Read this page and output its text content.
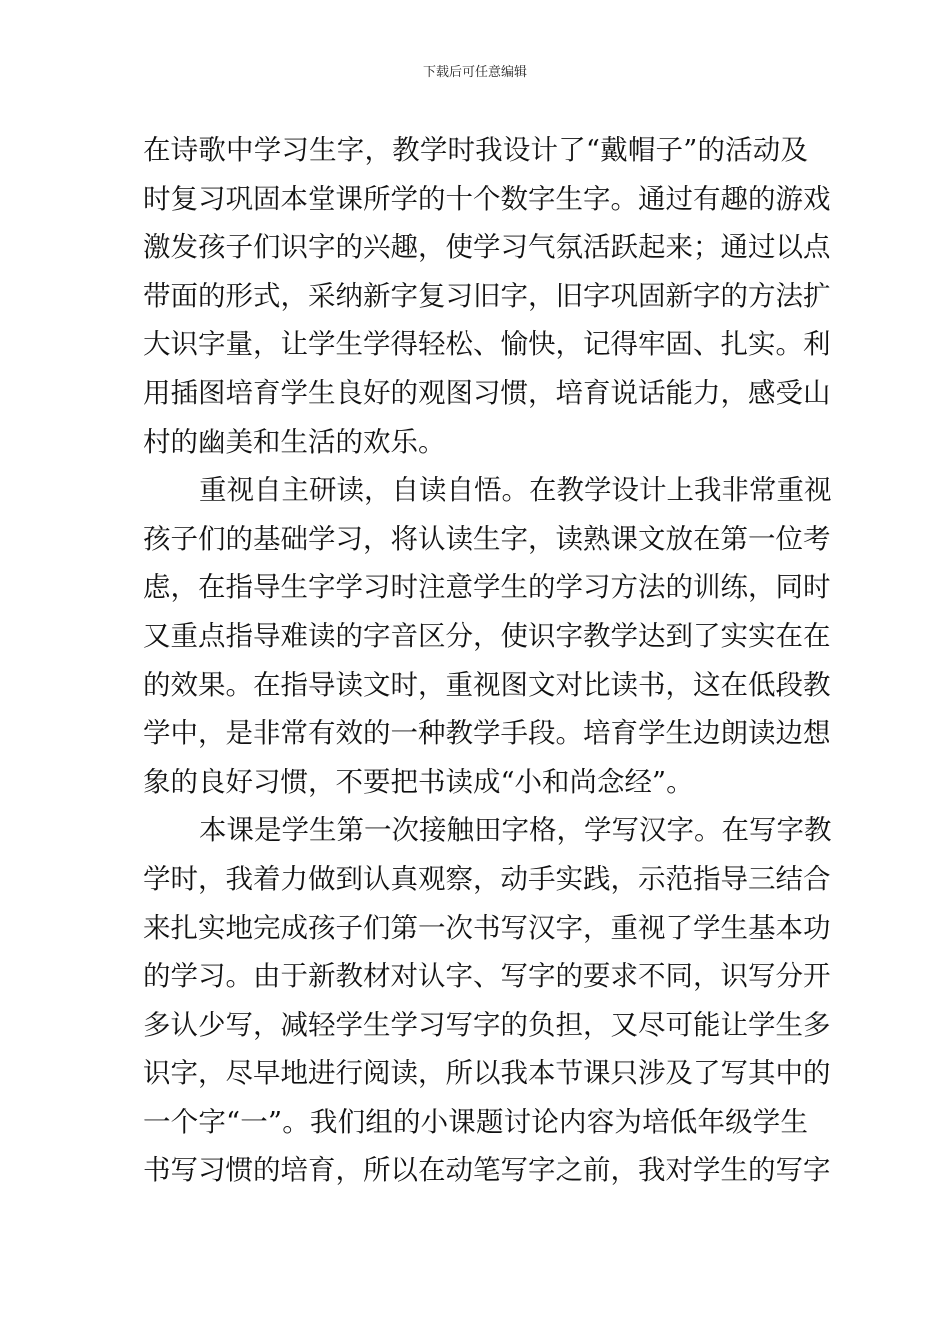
下载后可任意编辑
在诗歌中学习生字，教学时我设计了“戴帽子”的活动及
时复习巩固本堂课所学的十个数字生字。通过有趣的游戏
激发孩子们识字的兴趣，使学习气氛活跃起来；通过以点
带面的形式，采纳新字复习旧字，旧字巩固新字的方法扩
大识字量，让学生学得轻松、愉快，记得牢固、扎实。利
用插图培育学生良好的观图习惯，培育说话能力，感受山
村的幽美和生活的欢乐。
重视自主研读，自读自悟。在教学设计上我非常重视
孩子们的基础学习，将认读生字，读熟课文放在第一位考
虑，在指导生字学习时注意学生的学习方法的训练，同时
又重点指导难读的字音区分，使识字教学达到了实实在在
的效果。在指导读文时，重视图文对比读书，这在低段教
学中，是非常有效的一种教学手段。培育学生边朗读边想
象的良好习惯，不要把书读成“小和尚念经”。
本课是学生第一次接触田字格，学写汉字。在写字教
学时，我着力做到认真观察，动手实践，示范指导三结合
来扎实地完成孩子们第一次书写汉字，重视了学生基本功
的学习。由于新教材对认字、写字的要求不同，识写分开
多认少写，减轻学生学习写字的负担，又尽可能让学生多
识字，尽早地进行阅读，所以我本节课只涉及了写其中的
一个字“一”。我们组的小课题讨论内容为培低年级学生
书写习惯的培育，所以在动笔写字之前，我对学生的写字
